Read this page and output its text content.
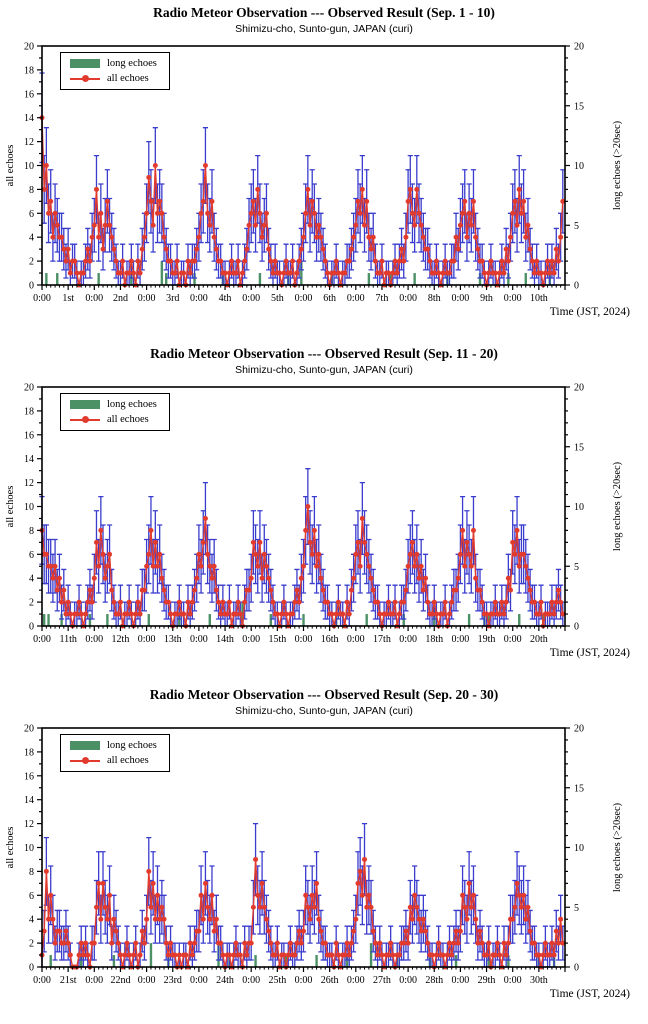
0
2
4
6
8
10
12
14
16
18
20
0
5
10
15
20
0:00 1st 0:00 2nd 0:00 3rd 0:00 4th 0:00 5th 0:00 6th 0:00 7th 0:00 8th 0:00 9th 0:00 10th
all echoes	long echoes (>20sec)
Radio Meteor Observation --- Observed Result (Sep. 1 - 10)
Shimizu-cho, Sunto-gun, JAPAN (curi)
long echoes
all echoes
Time (JST, 2024)
0
2
4
6
8
10
12
14
16
18
20
0
5
10
15
20
0:00 11th 0:00 12th 0:00 13th 0:00 14th 0:00 15th 0:00 16th 0:00 17th 0:00 18th 0:00 19th 0:00 20th
all echoes	long echoes (>20sec)
Radio Meteor Observation --- Observed Result (Sep. 11 - 20)
Shimizu-cho, Sunto-gun, JAPAN (curi)
long echoes
all echoes
Time (JST, 2024)
0
2
4
6
8
10
12
14
16
18
20
0
5
10
15
20
0:00 21st 0:00 22nd 0:00 23rd 0:00 24th 0:00 25th 0:00 26th 0:00 27th 0:00 28th 0:00 29th 0:00 30th
all echoes	long echoes (>20sec)
Radio Meteor Observation --- Observed Result (Sep. 20 - 30)
Shimizu-cho, Sunto-gun, JAPAN (curi)
long echoes
all echoes
Time (JST, 2024)
